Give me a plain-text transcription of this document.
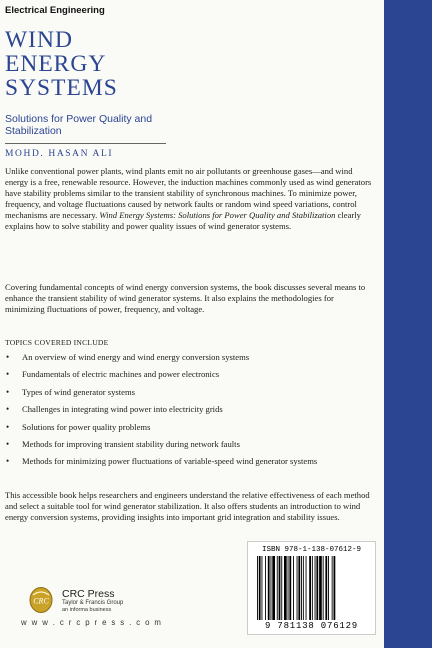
Electrical Engineering
WIND
ENERGY
SYSTEMS

Solutions for Power Quality and Stabilization

MOHD. HASAN ALI

Unlike conventional power plants, wind plants emit no air pollutants or greenhouse gases—and wind energy is a free, renewable resource. However, the induction machines commonly used as wind generators have stability problems similar to the transient stability of synchronous machines. To minimize power, frequency, and voltage fluctuations caused by network faults or random wind speed variations, control mechanisms are necessary. Wind Energy Systems: Solutions for Power Quality and Stabilization clearly explains how to solve stability and power quality issues of wind generator systems.

Covering fundamental concepts of wind energy conversion systems, the book discusses several means to enhance the transient stability of wind generator systems. It also explains the methodologies for minimizing fluctuations of power, frequency, and voltage.

TOPICS COVERED INCLUDE
• An overview of wind energy and wind energy conversion systems
• Fundamentals of electric machines and power electronics
• Types of wind generator systems
• Challenges in integrating wind power into electricity grids
• Solutions for power quality problems
• Methods for improving transient stability during network faults
• Methods for minimizing power fluctuations of variable-speed wind generator systems

This accessible book helps researchers and engineers understand the relative effectiveness of each method and select a suitable tool for wind generator stabilization. It also offers students an introduction to wind energy conversion systems, providing insights into important grid integration and stability issues.

ISBN 978-1-138-07612-9
9 781138 076129
CRC
CRC Press
Taylor & Francis Group
an informa business
w w w . c r c p r e s s . c o m
